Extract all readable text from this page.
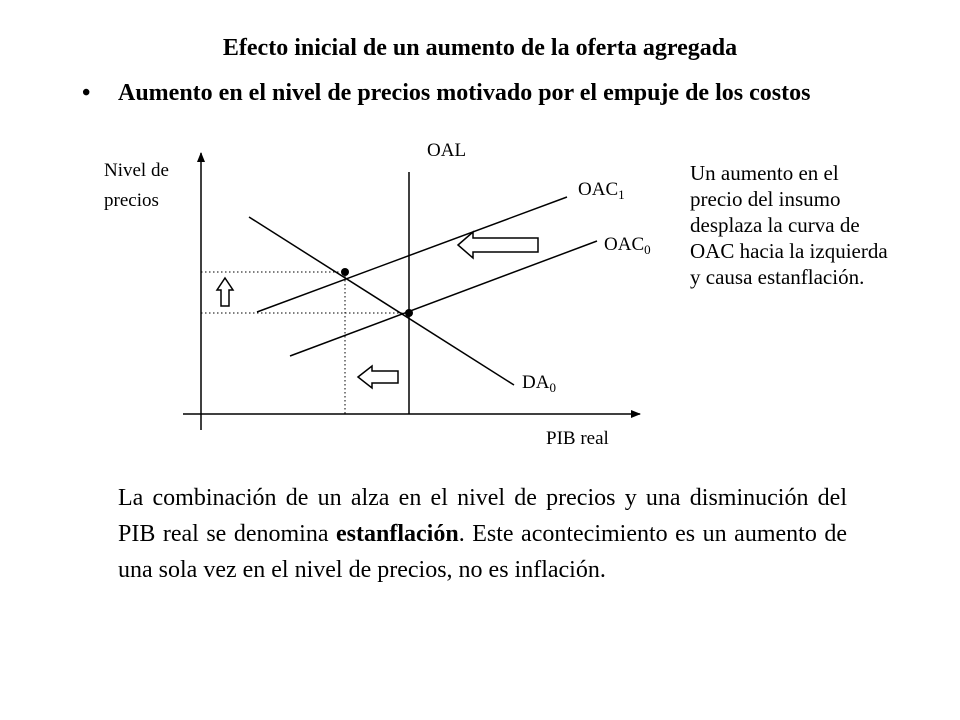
Efecto inicial de un aumento de la oferta agregada
• Aumento en el nivel de precios motivado por el empuje de los costos
Nivel de
precios
PIB real
OAL
$OAC_1$
$OAC_0$
$DA_0$
Un aumento en el precio del insumo desplaza la curva de OAC hacia la izquierda y causa estanflación.
La combinación de un alza en el nivel de precios y una disminución del PIB real se denomina estanflación. Este acontecimiento es un aumento de una sola vez en el nivel de precios, no es inflación.
